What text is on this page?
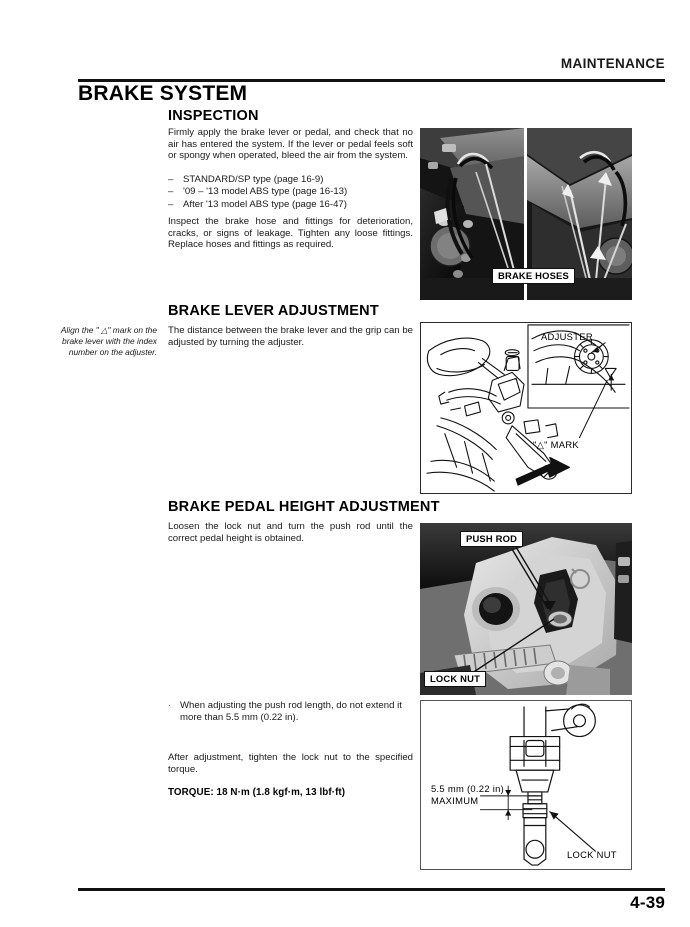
MAINTENANCE
BRAKE SYSTEM
INSPECTION
Firmly apply the brake lever or pedal, and check that no air has entered the system. If the lever or pedal feels soft or spongy when operated, bleed the air from the system.
–	STANDARD/SP type (page 16-9)
–	'09 – '13 model ABS type (page 16-13)
–	After '13 model ABS type (page 16-47)
Inspect the brake hose and fittings for deterioration, cracks, or signs of leakage. Tighten any loose fittings. Replace hoses and fittings as required.
BRAKE HOSES
BRAKE LEVER ADJUSTMENT
Align the " △" mark on the brake lever with the index number on the adjuster.
The distance between the brake lever and the grip can be adjusted by turning the adjuster.
ADJUSTER
"△" MARK
BRAKE PEDAL HEIGHT ADJUSTMENT
Loosen the lock nut and turn the push rod until the correct pedal height is obtained.	PUSH ROD
LOCK NUT
· When adjusting the push rod length, do not extend it more than 5.5 mm (0.22 in).
After adjustment, tighten the lock nut to the specified torque.
TORQUE: 18 N·m (1.8 kgf·m, 13 lbf·ft)	5.5 mm (0.22 in)
MAXIMUM
LOCK NUT
4-39
